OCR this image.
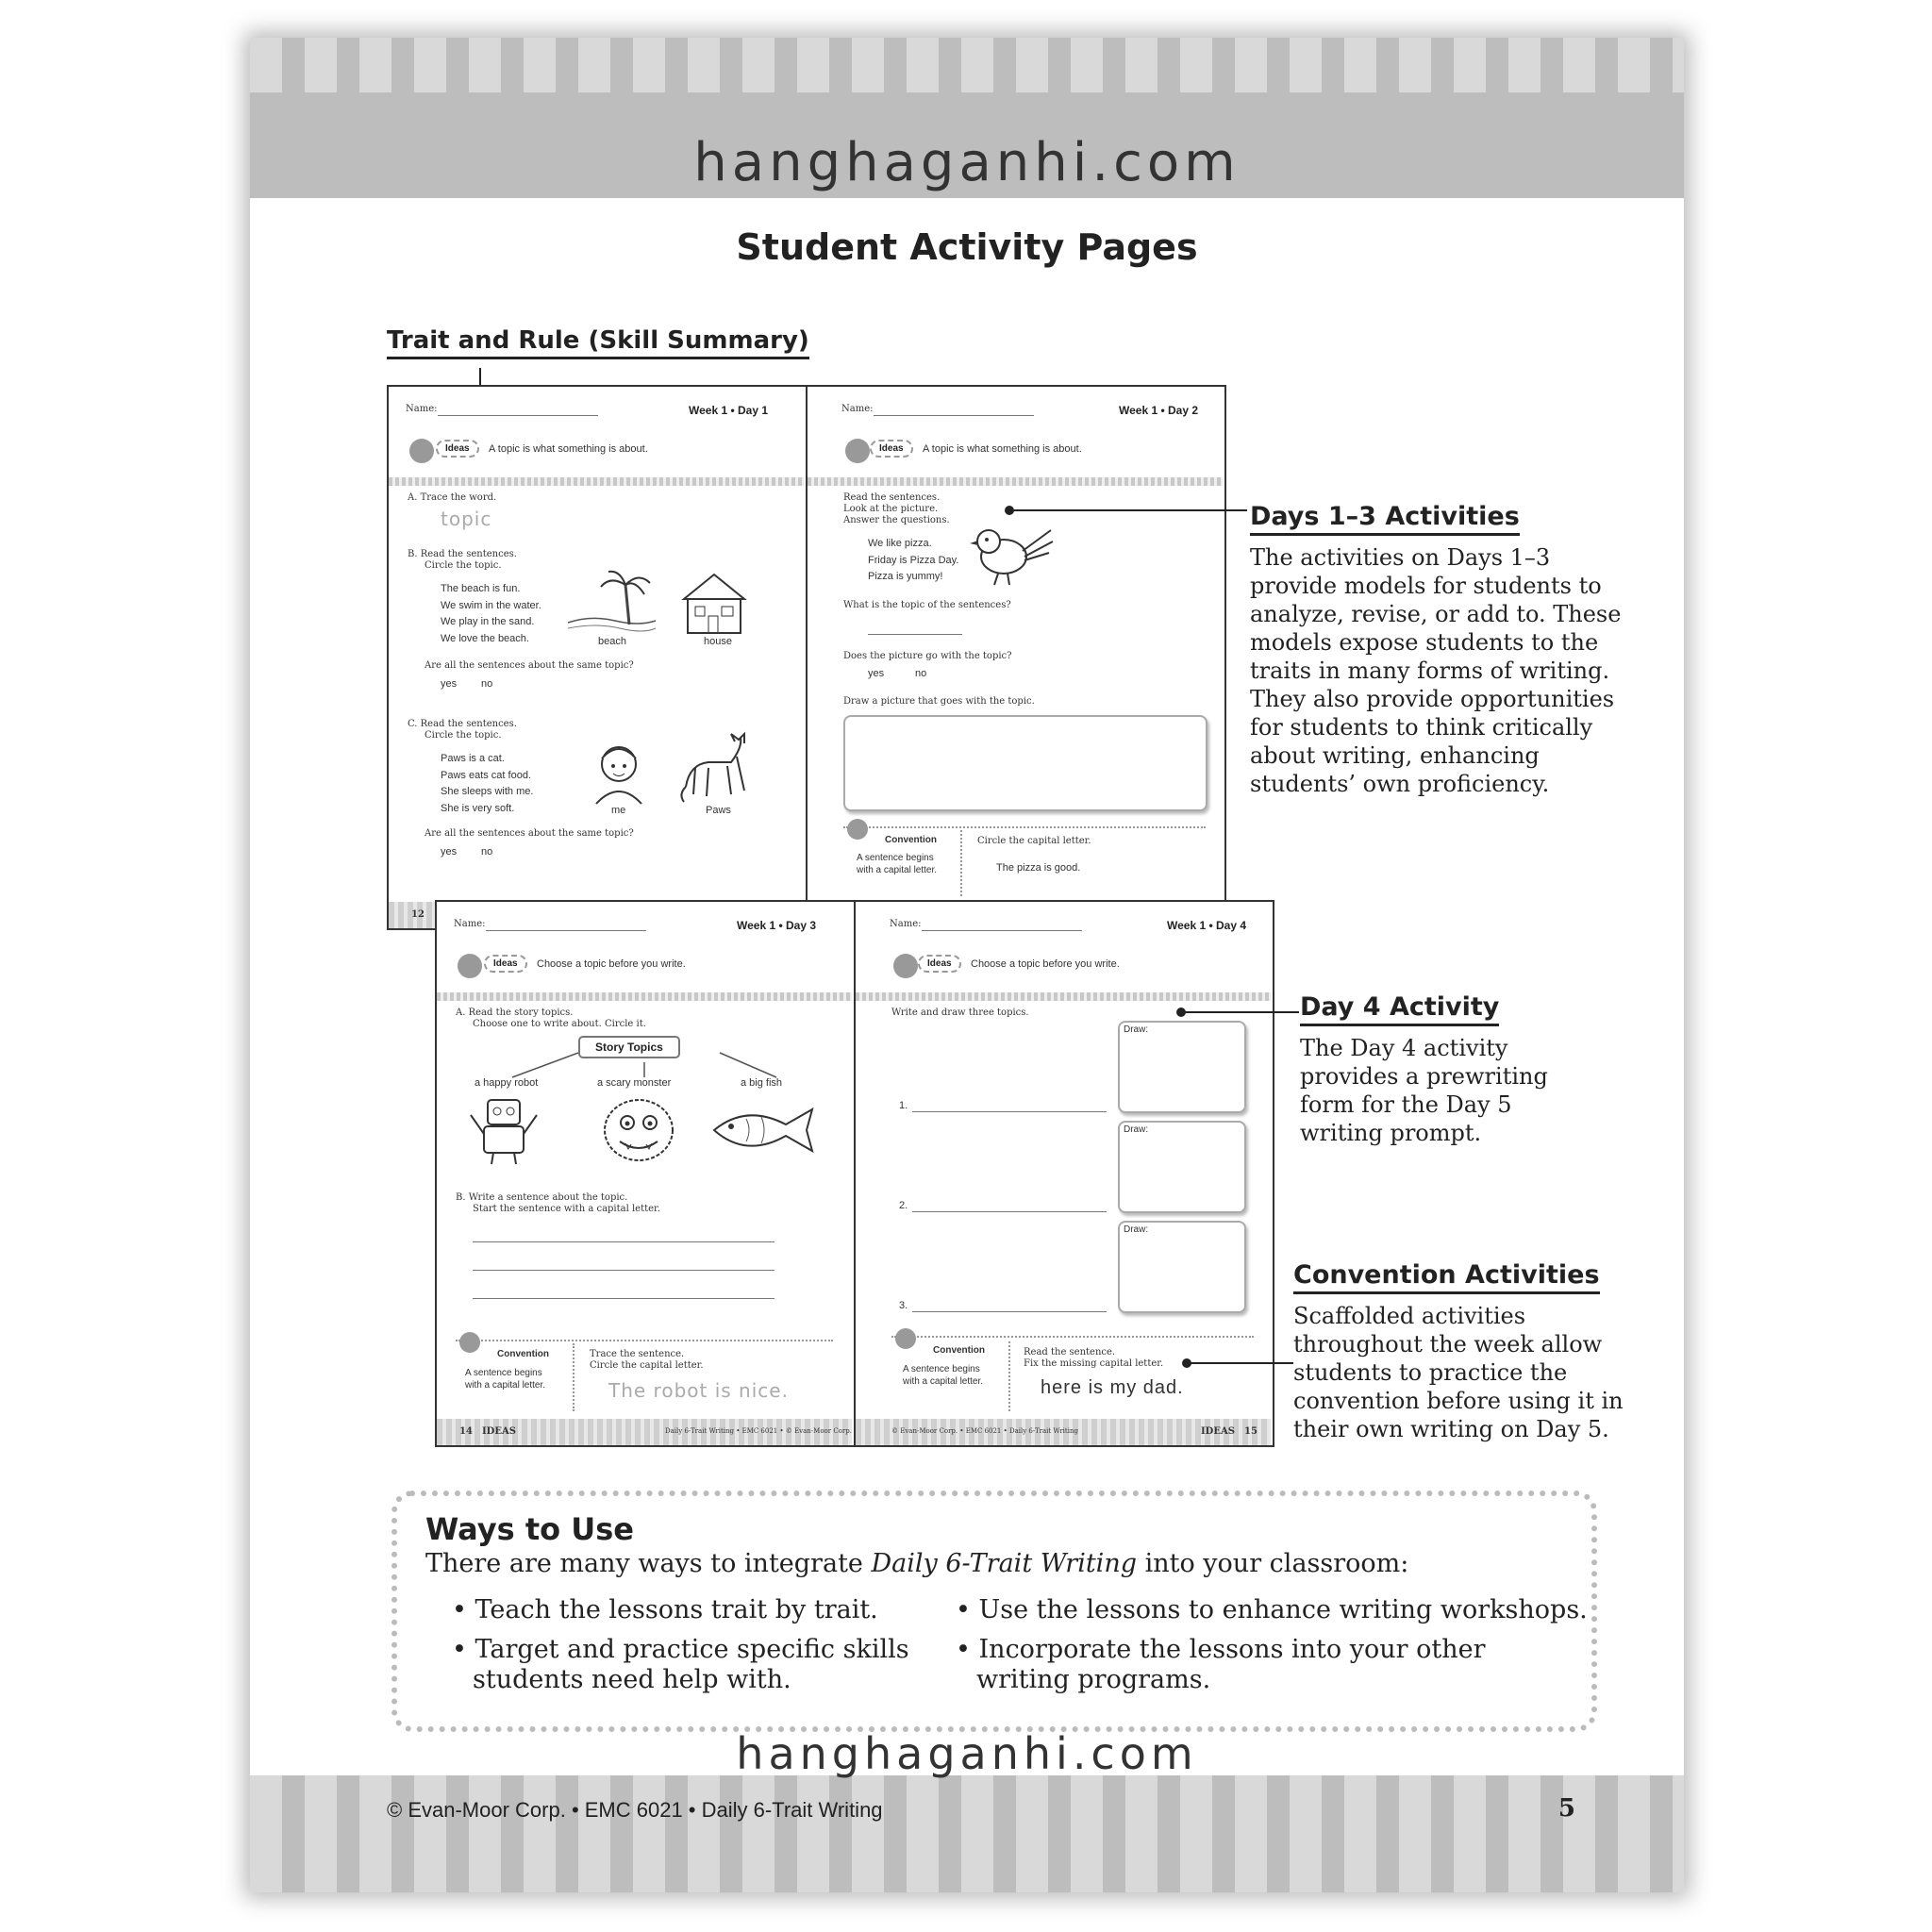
hanghaganhi.com
Student Activity Pages
Trait and Rule (Skill Summary)
Name:	Week 1 • Day 1
Ideas	A topic is what something is about.
A. Trace the word.
topic
B. Read the sentences.
Circle the topic.
The beach is fun.
We swim in the water.
We play in the sand.
We love the beach.	beach	house
Are all the sentences about the same topic?
yes no
C. Read the sentences.
Circle the topic.
Paws is a cat.
Paws eats cat food.
She sleeps with me.
She is very soft.	me	Paws
Are all the sentences about the same topic?
yes no
12
Name:	Week 1 • Day 2
Ideas	A topic is what something is about.
Read the sentences.
Look at the picture.
Answer the questions.
We like pizza.
Friday is Pizza Day.
Pizza is yummy!
What is the topic of the sentences?
Does the picture go with the topic?
yes	no
Draw a picture that goes with the topic.
Convention
A sentence begins
with a capital letter.
Circle the capital letter.
The pizza is good.
Name:	Week 1 • Day 3
Ideas	Choose a topic before you write.
A. Read the story topics.
Choose one to write about. Circle it.
Story Topics
a happy robot	a scary monster	a big fish
B. Write a sentence about the topic.
Start the sentence with a capital letter.
Convention
A sentence begins
with a capital letter.
Trace the sentence.
Circle the capital letter.
The robot is nice.
14 IDEAS	Daily 6-Trait Writing • EMC 6021 • © Evan-Moor Corp.
Name:	Week 1 • Day 4
Ideas	Choose a topic before you write.
Write and draw three topics.
Draw:
Draw:
Draw:
1.
2.
3.
Convention
A sentence begins
with a capital letter.
Read the sentence.
Fix the missing capital letter.
here is my dad.
© Evan-Moor Corp. • EMC 6021 • Daily 6-Trait Writing	IDEAS 15
Days 1–3 Activities
The activities on Days 1–3
provide models for students to
analyze, revise, or add to. These
models expose students to the
traits in many forms of writing.
They also provide opportunities
for students to think critically
about writing, enhancing
students’ own proficiency.
Day 4 Activity
The Day 4 activity
provides a prewriting
form for the Day 5
writing prompt.
Convention Activities
Scaffolded activities
throughout the week allow
students to practice the
convention before using it in
their own writing on Day 5.
Ways to Use
There are many ways to integrate Daily 6-Trait Writing into your classroom:
• Teach the lessons trait by trait.
• Target and practice specific skills
students need help with.
• Use the lessons to enhance writing workshops.
• Incorporate the lessons into your other
writing programs.
hanghaganhi.com
© Evan-Moor Corp. • EMC 6021 • Daily 6-Trait Writing	5
